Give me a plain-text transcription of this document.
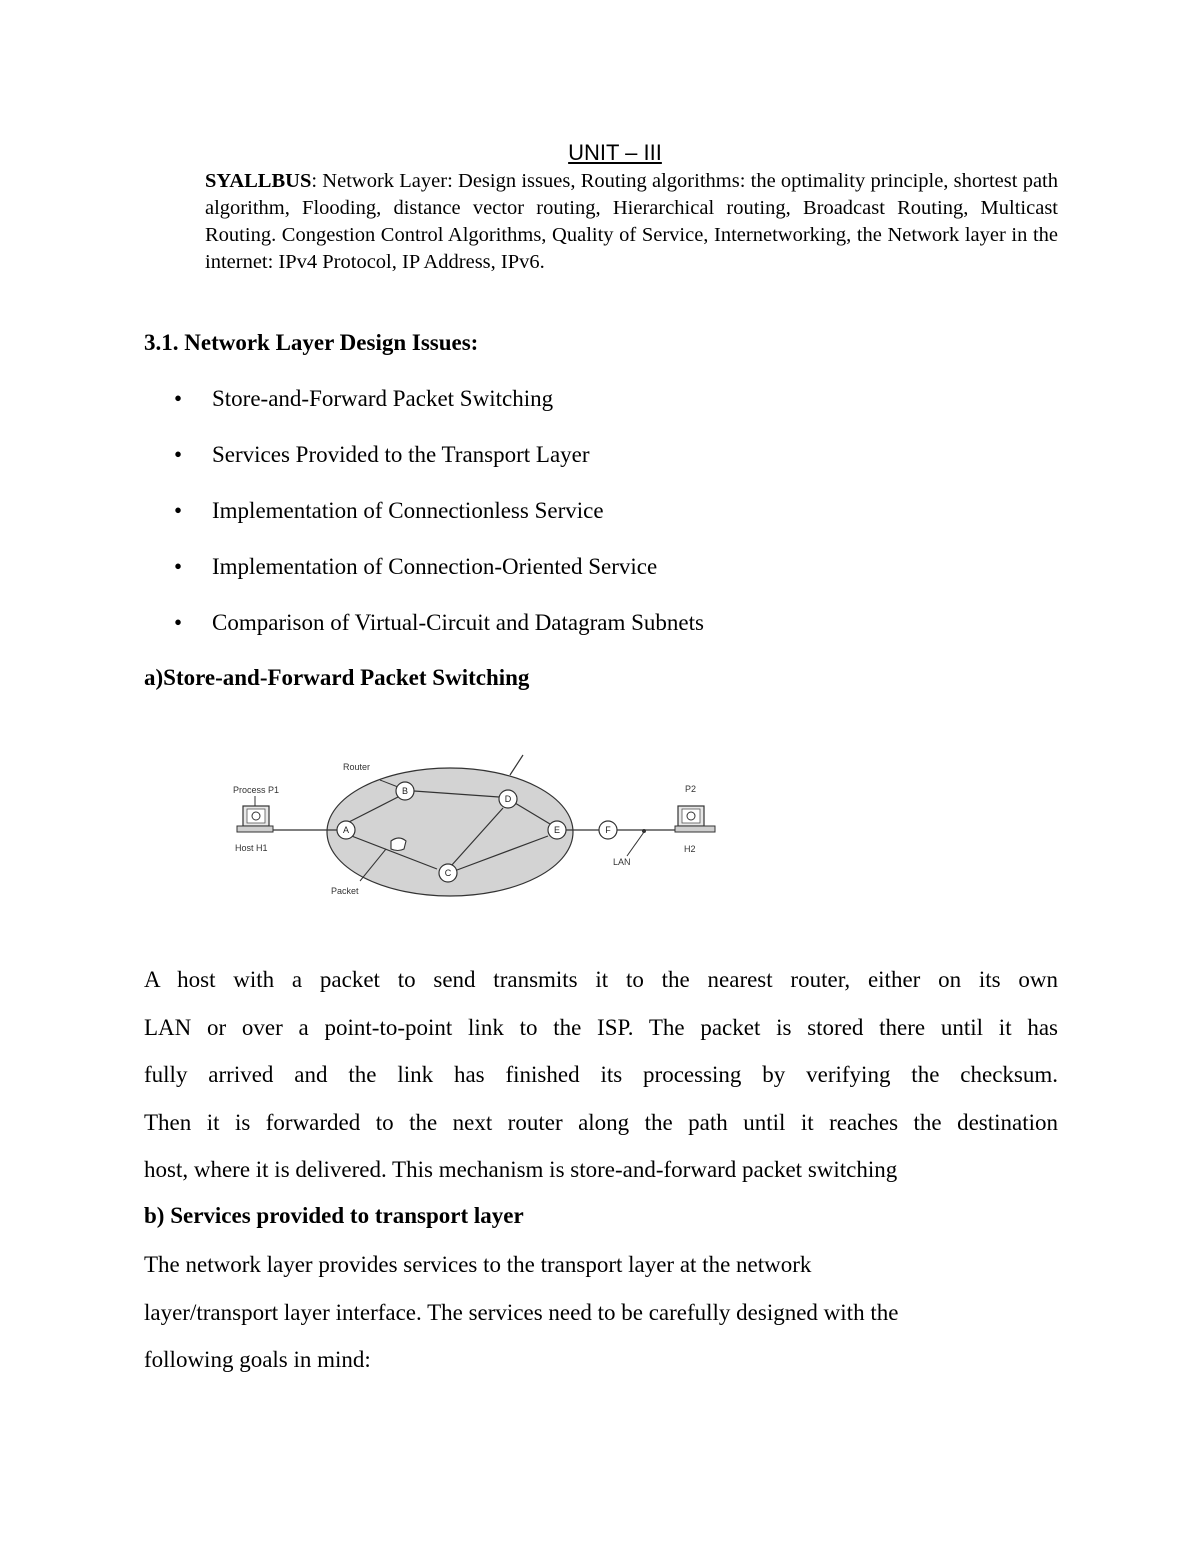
UNIT – III
SYALLBUS: Network Layer: Design issues, Routing algorithms: the optimality principle, shortest path algorithm, Flooding, distance vector routing, Hierarchical routing, Broadcast Routing, Multicast Routing. Congestion Control Algorithms, Quality of Service, Internetworking, the Network layer in the internet: IPv4 Protocol, IP Address, IPv6.
3.1. Network Layer Design Issues:
• Store-and-Forward Packet Switching
• Services Provided to the Transport Layer
• Implementation of Connectionless Service
• Implementation of Connection-Oriented Service
• Comparison of Virtual-Circuit and Datagram Subnets
a)Store-and-Forward Packet Switching
A
B
C
D
E	F
Router
Process P1
Host H1
Packet
P2
H2
LAN
A host with a packet to send transmits it to the nearest router, either on its own
LAN or over a point-to-point link to the ISP. The packet is stored there until it has
fully arrived and the link has finished its processing by verifying the checksum.
Then it is forwarded to the next router along the path until it reaches the destination
host, where it is delivered. This mechanism is store-and-forward packet switching
b) Services provided to transport layer
The network layer provides services to the transport layer at the network
layer/transport layer interface. The services need to be carefully designed with the
following goals in mind:
